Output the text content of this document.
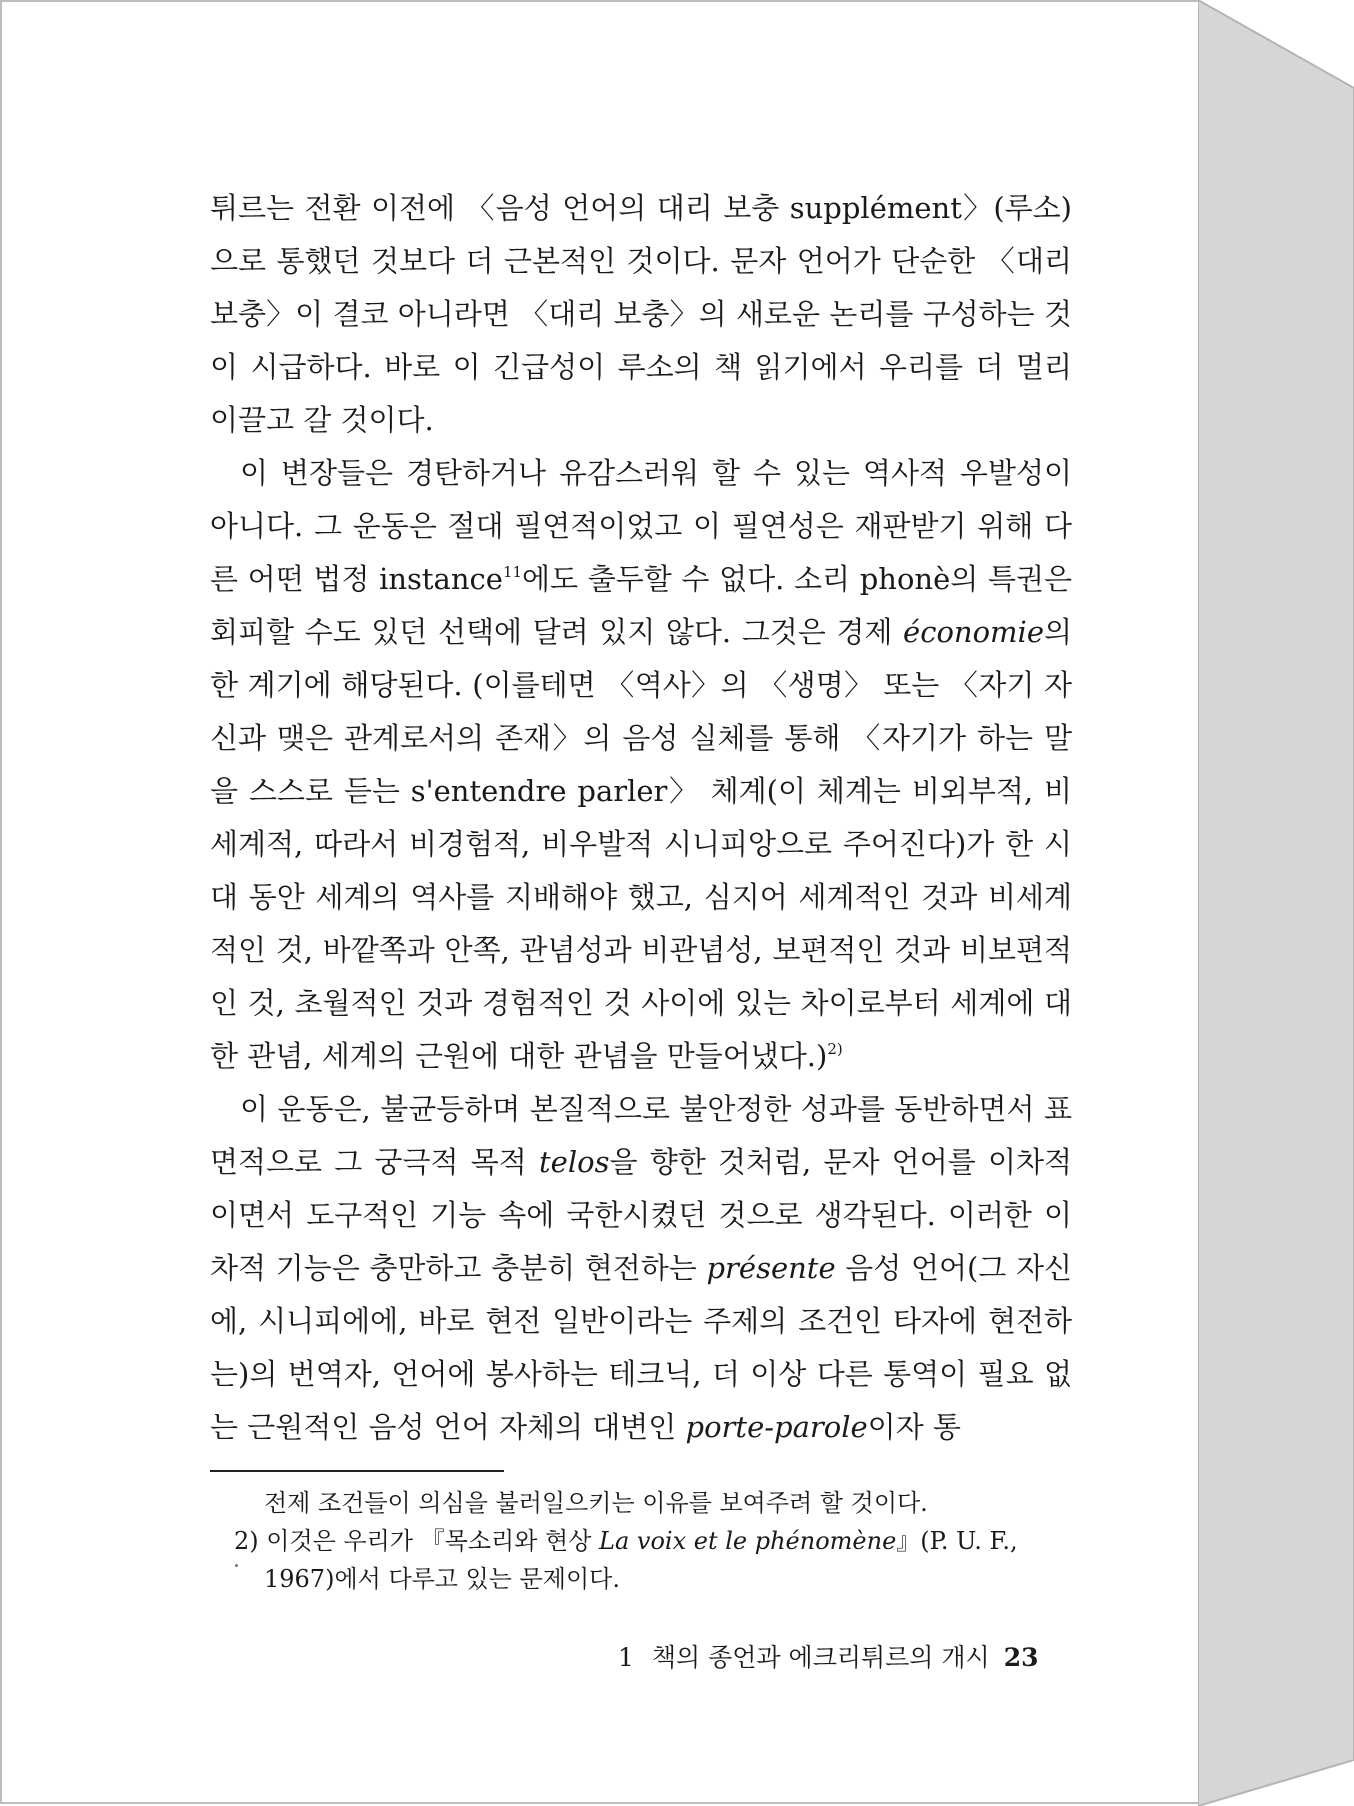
튀르는 전환 이전에 〈음성 언어의 대리 보충 supplément〉(루소)으로 통했던 것보다 더 근본적인 것이다. 문자 언어가 단순한 〈대리 보충〉이 결코 아니라면 〈대리 보충〉의 새로운 논리를 구성하는 것이 시급하다. 바로 이 긴급성이 루소의 책 읽기에서 우리를 더 멀리 이끌고 갈 것이다.

이 변장들은 경탄하거나 유감스러워 할 수 있는 역사적 우발성이 아니다. 그 운동은 절대 필연적이었고 이 필연성은 재판받기 위해 다른 어떤 법정 instance$^{11}$에도 출두할 수 없다. 소리 phonè의 특권은 회피할 수도 있던 선택에 달려 있지 않다. 그것은 경제 économie의 한 계기에 해당된다. (이를테면 〈역사〉의 〈생명〉 또는 〈자기 자신과 맺은 관계로서의 존재〉의 음성 실체를 통해 〈자기가 하는 말을 스스로 듣는 s'entendre parler〉 체계(이 체계는 비외부적, 비세계적, 따라서 비경험적, 비우발적 시니피앙으로 주어진다)가 한 시대 동안 세계의 역사를 지배해야 했고, 심지어 세계적인 것과 비세계적인 것, 바깥쪽과 안쪽, 관념성과 비관념성, 보편적인 것과 비보편적인 것, 초월적인 것과 경험적인 것 사이에 있는 차이로부터 세계에 대한 관념, 세계의 근원에 대한 관념을 만들어냈다.)$^{2)}$

이 운동은, 불균등하며 본질적으로 불안정한 성과를 동반하면서 표면적으로 그 궁극적 목적 telos을 향한 것처럼, 문자 언어를 이차적이면서 도구적인 기능 속에 국한시켰던 것으로 생각된다. 이러한 이차적 기능은 충만하고 충분히 현전하는 présente 음성 언어(그 자신에, 시니피에에, 바로 현전 일반이라는 주제의 조건인 타자에 현전하는)의 번역자, 언어에 봉사하는 테크닉, 더 이상 다른 통역이 필요 없는 근원적인 음성 언어 자체의 대변인 porte-parole이자 통

전제 조건들이 의심을 불러일으키는 이유를 보여주려 할 것이다.

2) 이것은 우리가 『목소리와 현상 La voix et le phénomène』(P. U. F., 1967)에서 다루고 있는 문제이다.

1 책의 종언과 에크리튀르의 개시 23
